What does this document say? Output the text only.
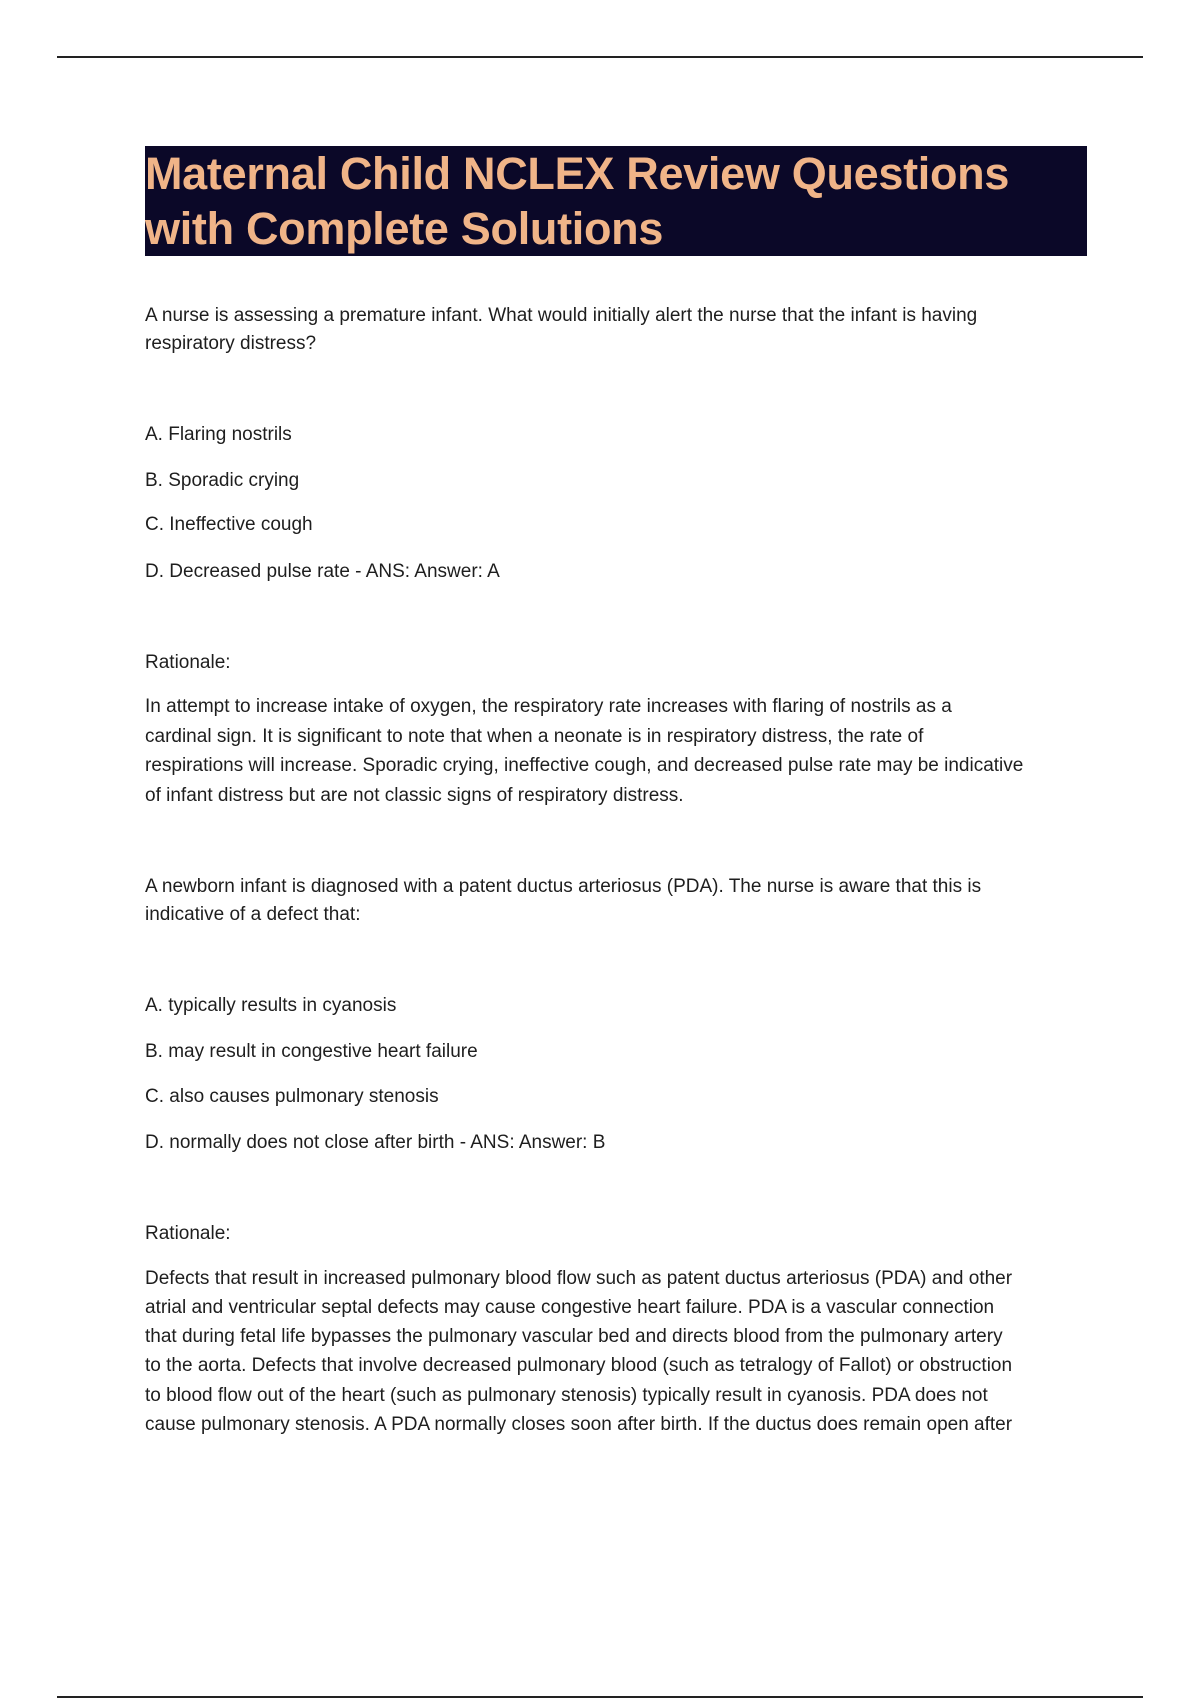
Maternal Child NCLEX Review Questions
with Complete Solutions
A nurse is assessing a premature infant. What would initially alert the nurse that the infant is having
respiratory distress?
A. Flaring nostrils
B. Sporadic crying
C. Ineffective cough
D. Decreased pulse rate - ANS: Answer: A
Rationale:
In attempt to increase intake of oxygen, the respiratory rate increases with flaring of nostrils as a
cardinal sign. It is significant to note that when a neonate is in respiratory distress, the rate of
respirations will increase. Sporadic crying, ineffective cough, and decreased pulse rate may be indicative
of infant distress but are not classic signs of respiratory distress.
A newborn infant is diagnosed with a patent ductus arteriosus (PDA). The nurse is aware that this is
indicative of a defect that:
A. typically results in cyanosis
B. may result in congestive heart failure
C. also causes pulmonary stenosis
D. normally does not close after birth - ANS: Answer: B
Rationale:
Defects that result in increased pulmonary blood flow such as patent ductus arteriosus (PDA) and other
atrial and ventricular septal defects may cause congestive heart failure. PDA is a vascular connection
that during fetal life bypasses the pulmonary vascular bed and directs blood from the pulmonary artery
to the aorta. Defects that involve decreased pulmonary blood (such as tetralogy of Fallot) or obstruction
to blood flow out of the heart (such as pulmonary stenosis) typically result in cyanosis. PDA does not
cause pulmonary stenosis. A PDA normally closes soon after birth. If the ductus does remain open after
